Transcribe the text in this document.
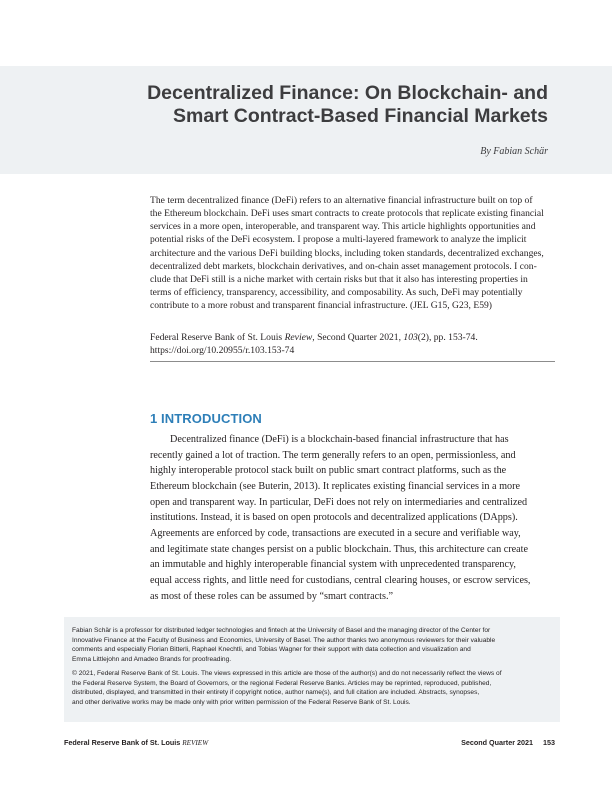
Decentralized Finance: On Blockchain- and
Smart Contract-Based Financial Markets
By Fabian Schär
The term decentralized finance (DeFi) refers to an alternative financial infrastructure built on top of
the Ethereum blockchain. DeFi uses smart contracts to create protocols that replicate existing financial
services in a more open, interoperable, and transparent way. This article highlights opportunities and
potential risks of the DeFi ecosystem. I propose a multi-layered framework to analyze the implicit
architecture and the various DeFi building blocks, including token standards, decentralized exchanges,
decentralized debt markets, blockchain derivatives, and on-chain asset management protocols. I con-
clude that DeFi still is a niche market with certain risks but that it also has interesting properties in
terms of efficiency, transparency, accessibility, and composability. As such, DeFi may potentially
contribute to a more robust and transparent financial infrastructure. (JEL G15, G23, E59)
Federal Reserve Bank of St. Louis Review, Second Quarter 2021, 103(2), pp. 153-74.
https://doi.org/10.20955/r.103.153-74
1 INTRODUCTION
Decentralized finance (DeFi) is a blockchain-based financial infrastructure that has
recently gained a lot of traction. The term generally refers to an open, permissionless, and
highly interoperable protocol stack built on public smart contract platforms, such as the
Ethereum blockchain (see Buterin, 2013). It replicates existing financial services in a more
open and transparent way. In particular, DeFi does not rely on intermediaries and centralized
institutions. Instead, it is based on open protocols and decentralized applications (DApps).
Agreements are enforced by code, transactions are executed in a secure and verifiable way,
and legitimate state changes persist on a public blockchain. Thus, this architecture can create
an immutable and highly interoperable financial system with unprecedented transparency,
equal access rights, and little need for custodians, central clearing houses, or escrow services,
as most of these roles can be assumed by “smart contracts.”
Fabian Schär is a professor for distributed ledger technologies and fintech at the University of Basel and the managing director of the Center for
Innovative Finance at the Faculty of Business and Economics, University of Basel. The author thanks two anonymous reviewers for their valuable
comments and especially Florian Bitterli, Raphael Knechtli, and Tobias Wagner for their support with data collection and visualization and
Emma Littlejohn and Amadeo Brands for proofreading.
© 2021, Federal Reserve Bank of St. Louis. The views expressed in this article are those of the author(s) and do not necessarily reflect the views of
the Federal Reserve System, the Board of Governors, or the regional Federal Reserve Banks. Articles may be reprinted, reproduced, published,
distributed, displayed, and transmitted in their entirety if copyright notice, author name(s), and full citation are included. Abstracts, synopses,
and other derivative works may be made only with prior written permission of the Federal Reserve Bank of St. Louis.
Federal Reserve Bank of St. Louis REVIEW	Second Quarter 2021 153
